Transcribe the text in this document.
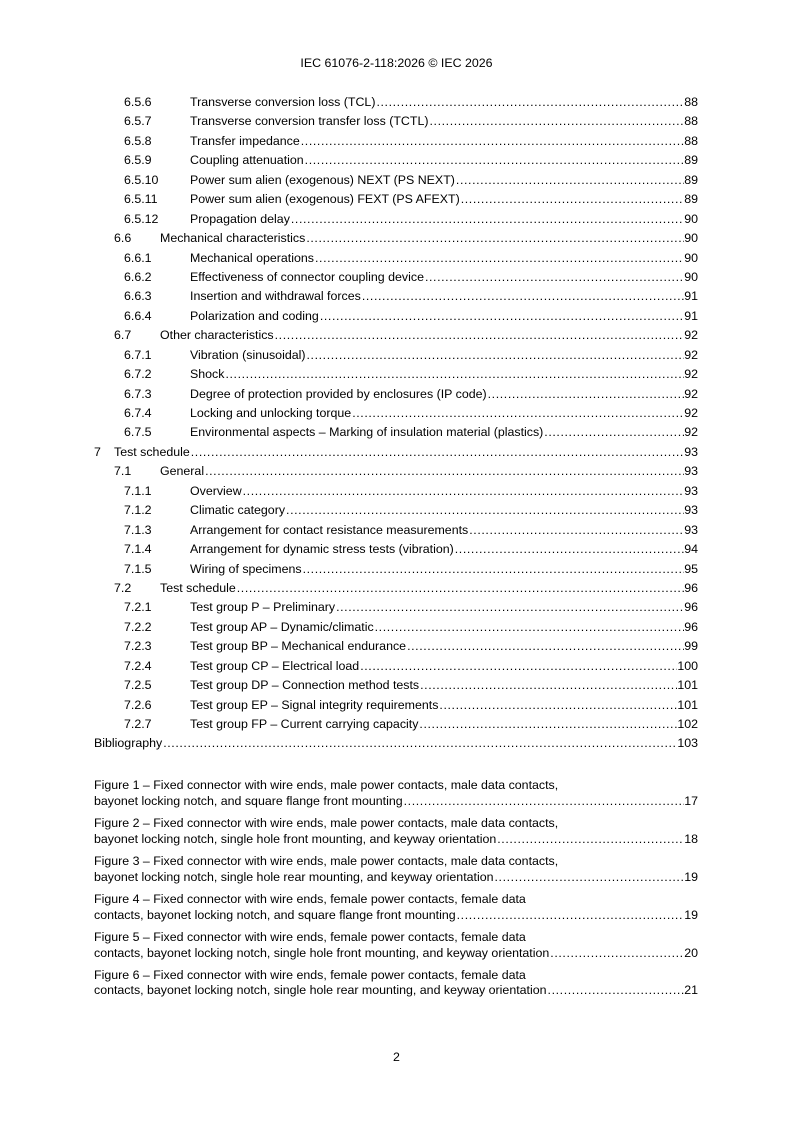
IEC 61076-2-118:2026 © IEC 2026
6.5.6	Transverse conversion loss (TCL) .....	88
6.5.7	Transverse conversion transfer loss (TCTL) .....	88
6.5.8	Transfer impedance .....	88
6.5.9	Coupling attenuation .....	89
6.5.10	Power sum alien (exogenous) NEXT (PS NEXT) .....	89
6.5.11	Power sum alien (exogenous) FEXT (PS AFEXT) .....	89
6.5.12	Propagation delay .....	90
6.6	Mechanical characteristics .....	90
6.6.1	Mechanical operations .....	90
6.6.2	Effectiveness of connector coupling device .....	90
6.6.3	Insertion and withdrawal forces .....	91
6.6.4	Polarization and coding .....	91
6.7	Other characteristics .....	92
6.7.1	Vibration (sinusoidal) .....	92
6.7.2	Shock .....	92
6.7.3	Degree of protection provided by enclosures (IP code) .....	92
6.7.4	Locking and unlocking torque .....	92
6.7.5	Environmental aspects – Marking of insulation material (plastics) .....	92
7	Test schedule .....	93
7.1	General .....	93
7.1.1	Overview .....	93
7.1.2	Climatic category .....	93
7.1.3	Arrangement for contact resistance measurements .....	93
7.1.4	Arrangement for dynamic stress tests (vibration) .....	94
7.1.5	Wiring of specimens .....	95
7.2	Test schedule .....	96
7.2.1	Test group P – Preliminary .....	96
7.2.2	Test group AP – Dynamic/climatic .....	96
7.2.3	Test group BP – Mechanical endurance .....	99
7.2.4	Test group CP – Electrical load .....	100
7.2.5	Test group DP – Connection method tests .....	101
7.2.6	Test group EP – Signal integrity requirements .....	101
7.2.7	Test group FP – Current carrying capacity .....	102
Bibliography .....	103
Figure 1 – Fixed connector with wire ends, male power contacts, male data contacts,
bayonet locking notch, and square flange front mounting .....	17
Figure 2 – Fixed connector with wire ends, male power contacts, male data contacts,
bayonet locking notch, single hole front mounting, and keyway orientation .....	18
Figure 3 – Fixed connector with wire ends, male power contacts, male data contacts,
bayonet locking notch, single hole rear mounting, and keyway orientation .....	19
Figure 4 – Fixed connector with wire ends, female power contacts, female data
contacts, bayonet locking notch, and square flange front mounting .....	19
Figure 5 – Fixed connector with wire ends, female power contacts, female data
contacts, bayonet locking notch, single hole front mounting, and keyway orientation .....	20
Figure 6 – Fixed connector with wire ends, female power contacts, female data
contacts, bayonet locking notch, single hole rear mounting, and keyway orientation .....	21
2
